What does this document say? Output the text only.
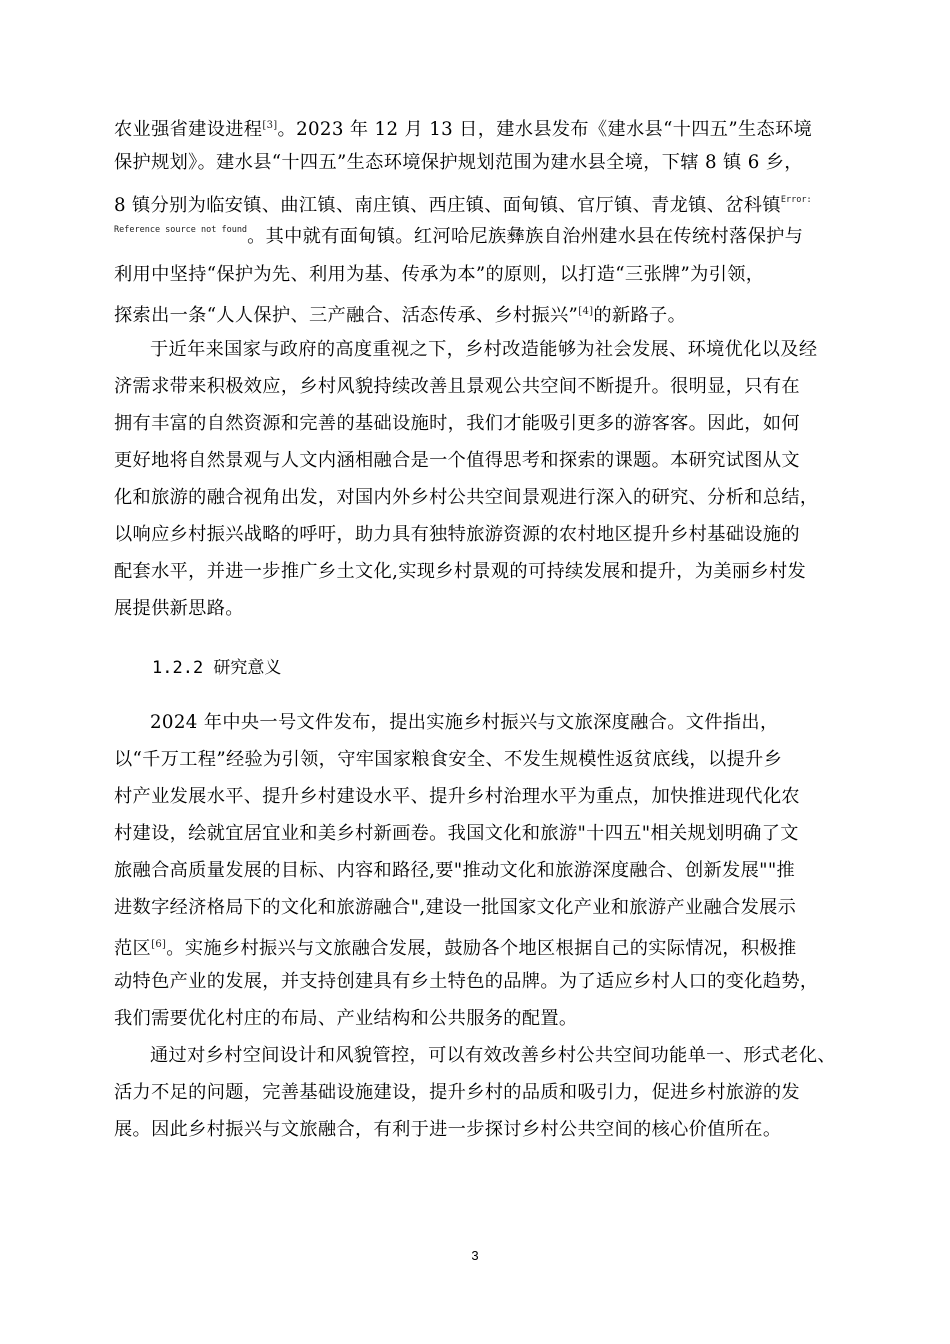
农业强省建设进程[3]。2023 年 12 月 13 日，建水县发布《建水县“十四五”生态环境
保护规划》。建水县“十四五”生态环境保护规划范围为建水县全境，下辖 8 镇 6 乡，
8 镇分别为临安镇、曲江镇、南庄镇、西庄镇、面甸镇、官厅镇、青龙镇、岔科镇$^{Error:}$
$^{Reference source not found}$。其中就有面甸镇。红河哈尼族彝族自治州建水县在传统村落保护与
利用中坚持“保护为先、利用为基、传承为本”的原则，以打造“三张牌”为引领，
探索出一条“人人保护、三产融合、活态传承、乡村振兴”[4]的新路子。
于近年来国家与政府的高度重视之下，乡村改造能够为社会发展、环境优化以及经
济需求带来积极效应，乡村风貌持续改善且景观公共空间不断提升。很明显，只有在
拥有丰富的自然资源和完善的基础设施时，我们才能吸引更多的游客客。因此，如何
更好地将自然景观与人文内涵相融合是一个值得思考和探索的课题。本研究试图从文
化和旅游的融合视角出发，对国内外乡村公共空间景观进行深入的研究、分析和总结，
以响应乡村振兴战略的呼吁，助力具有独特旅游资源的农村地区提升乡村基础设施的
配套水平，并进一步推广乡土文化,实现乡村景观的可持续发展和提升，为美丽乡村发
展提供新思路。
1.2.2 研究意义
2024 年中央一号文件发布，提出实施乡村振兴与文旅深度融合。文件指出，
以“千万工程”经验为引领，守牢国家粮食安全、不发生规模性返贫底线，以提升乡
村产业发展水平、提升乡村建设水平、提升乡村治理水平为重点，加快推进现代化农
村建设，绘就宜居宜业和美乡村新画卷。我国文化和旅游"十四五"相关规划明确了文
旅融合高质量发展的目标、内容和路径,要"推动文化和旅游深度融合、创新发展""推
进数字经济格局下的文化和旅游融合",建设一批国家文化产业和旅游产业融合发展示
范区[6]。实施乡村振兴与文旅融合发展，鼓励各个地区根据自己的实际情况，积极推
动特色产业的发展，并支持创建具有乡土特色的品牌。为了适应乡村人口的变化趋势，
我们需要优化村庄的布局、产业结构和公共服务的配置。
通过对乡村空间设计和风貌管控，可以有效改善乡村公共空间功能单一、形式老化、
活力不足的问题，完善基础设施建设，提升乡村的品质和吸引力，促进乡村旅游的发
展。因此乡村振兴与文旅融合，有利于进一步探讨乡村公共空间的核心价值所在。
3
